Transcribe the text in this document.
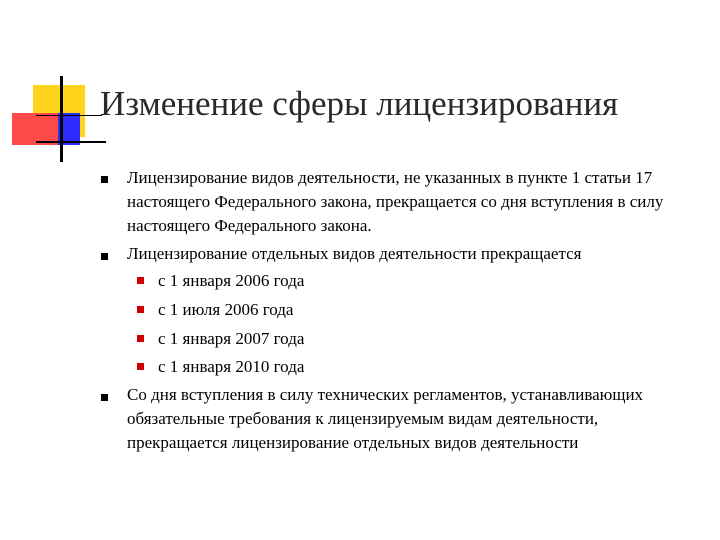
Изменение сферы лицензирования
Лицензирование видов деятельности, не указанных в пункте 1 статьи 17 настоящего Федерального закона, прекращается со дня вступления в силу настоящего Федерального закона.
Лицензирование отдельных видов деятельности прекращается
с 1 января 2006 года
с 1 июля 2006 года
с 1 января 2007 года
с 1 января 2010 года
Со дня вступления в силу технических регламентов, устанавливающих обязательные требования к лицензируемым видам деятельности, прекращается лицензирование отдельных видов деятельности
